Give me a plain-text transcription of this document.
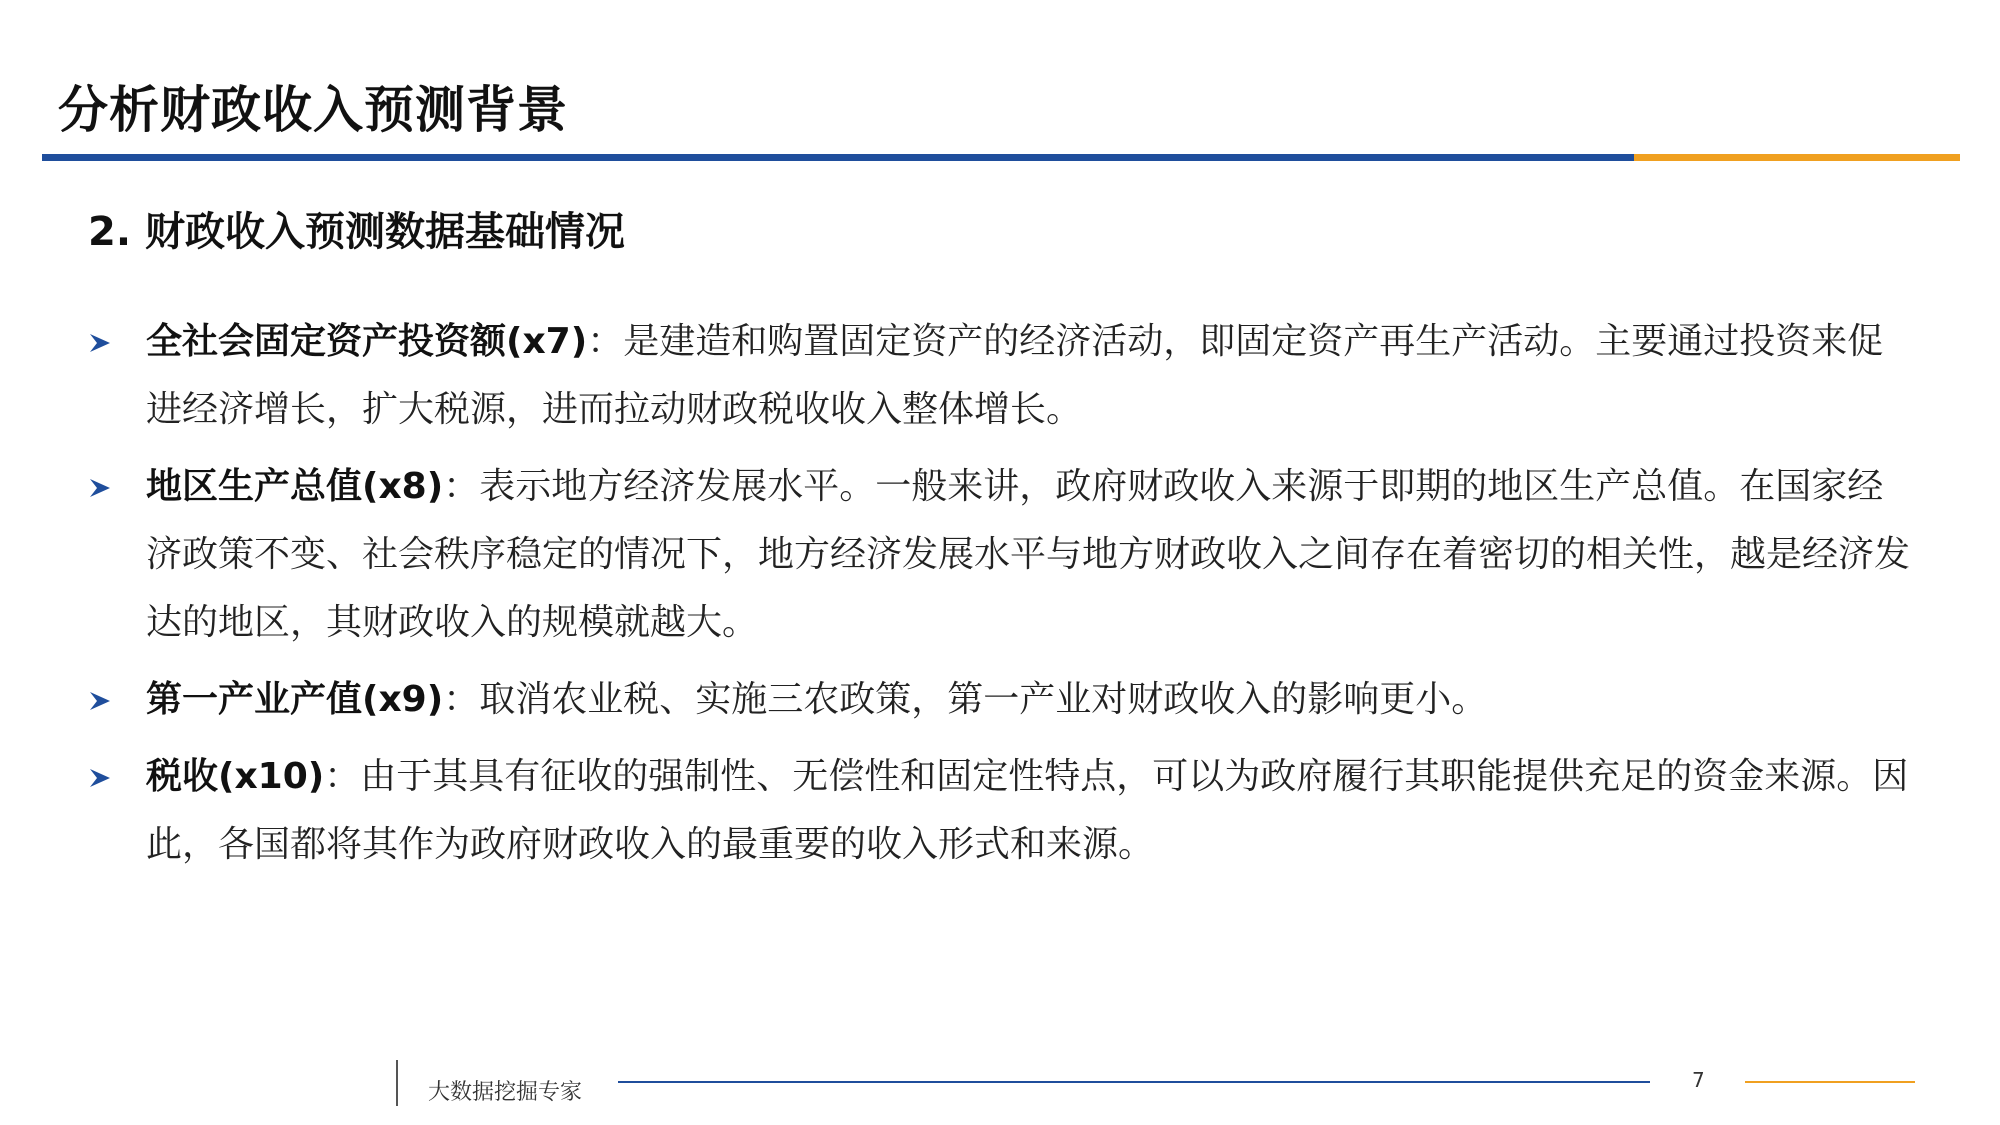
分析财政收入预测背景
2. 财政收入预测数据基础情况
全社会固定资产投资额(x7)：是建造和购置固定资产的经济活动，即固定资产再生产活动。主要通过投资来促进经济增长，扩大税源，进而拉动财政税收收入整体增长。
地区生产总值(x8)：表示地方经济发展水平。一般来讲，政府财政收入来源于即期的地区生产总值。在国家经济政策不变、社会秩序稳定的情况下，地方经济发展水平与地方财政收入之间存在着密切的相关性，越是经济发达的地区，其财政收入的规模就越大。
第一产业产值(x9)：取消农业税、实施三农政策，第一产业对财政收入的影响更小。
税收(x10)：由于其具有征收的强制性、无偿性和固定性特点，可以为政府履行其职能提供充足的资金来源。因此，各国都将其作为政府财政收入的最重要的收入形式和来源。
大数据挖掘专家	7
